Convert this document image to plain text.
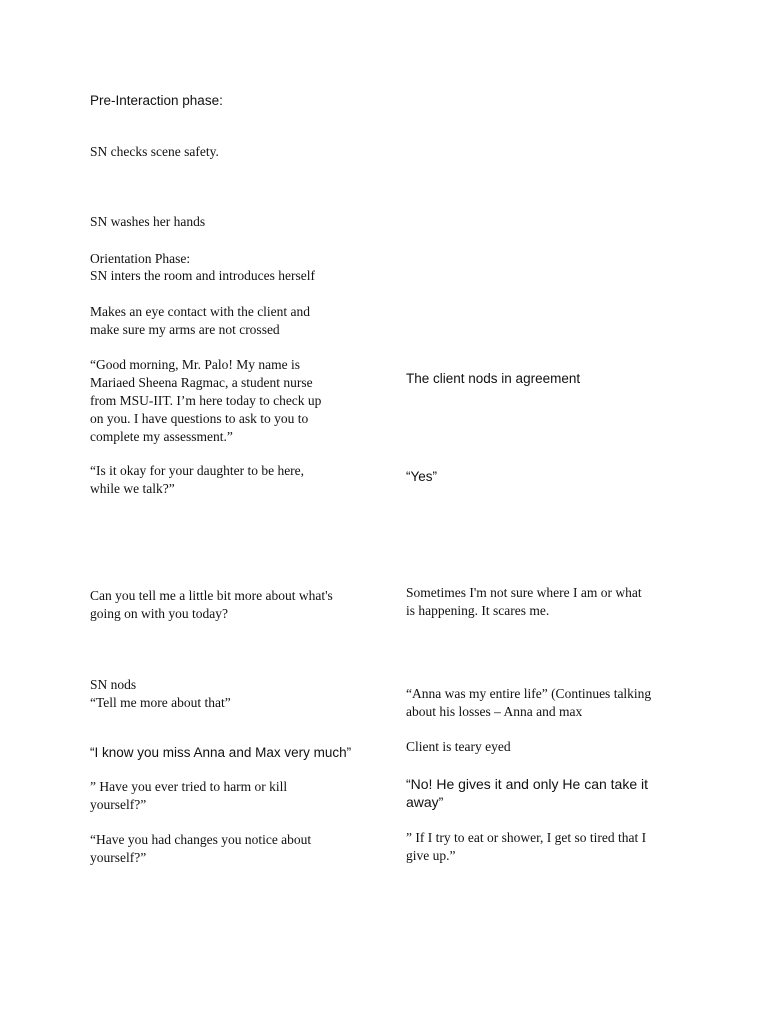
Pre-Interaction phase:

SN checks scene safety.

SN washes her hands

Orientation Phase:

SN inters the room and introduces herself

Makes an eye contact with the client and
make sure my arms are not crossed

“Good morning, Mr. Palo! My name is
Mariaed Sheena Ragmac, a student nurse
from MSU-IIT. I’m here today to check up
on you. I have questions to ask to you to
complete my assessment.”

“Is it okay for your daughter to be here,
while we talk?”

Can you tell me a little bit more about what's
going on with you today?

SN nods
“Tell me more about that”

“I know you miss Anna and Max very much”

” Have you ever tried to harm or kill
yourself?”

“Have you had changes you notice about
yourself?”

The client nods in agreement

“Yes”

Sometimes I'm not sure where I am or what
is happening. It scares me.

“Anna was my entire life” (Continues talking
about his losses – Anna and max

Client is teary eyed

“No! He gives it and only He can take it
away”

” If I try to eat or shower, I get so tired that I
give up.”
